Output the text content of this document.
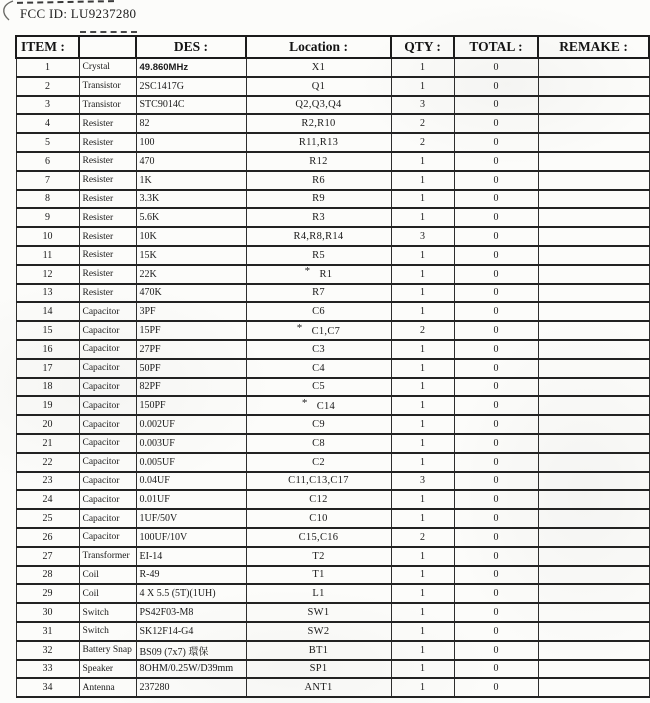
FCC ID: LU9237280
ITEM :		DES :	Location :	QTY :	TOTAL :	REMAKE :
1	Crystal	49.860MHz	X1	1	0	
2	Transistor	2SC1417G	Q1	1	0	
3	Transistor	STC9014C	Q2,Q3,Q4	3	0	
4	Resister	82	R2,R10	2	0	
5	Resister	100	R11,R13	2	0	
6	Resister	470	R12	1	0	
7	Resister	1K	R6	1	0	
8	Resister	3.3K	R9	1	0	
9	Resister	5.6K	R3	1	0	
10	Resister	10K	R4,R8,R14	3	0	
11	Resister	15K	R5	1	0	
12	Resister	22K	* R1	1	0	
13	Resister	470K	R7	1	0	
14	Capacitor	3PF	C6	1	0	
15	Capacitor	15PF	* C1,C7	2	0	
16	Capacitor	27PF	C3	1	0	
17	Capacitor	50PF	C4	1	0	
18	Capacitor	82PF	C5	1	0	
19	Capacitor	150PF	* C14	1	0	
20	Capacitor	0.002UF	C9	1	0	
21	Capacitor	0.003UF	C8	1	0	
22	Capacitor	0.005UF	C2	1	0	
23	Capacitor	0.04UF	C11,C13,C17	3	0	
24	Capacitor	0.01UF	C12	1	0	
25	Capacitor	1UF/50V	C10	1	0	
26	Capacitor	100UF/10V	C15,C16	2	0	
27	Transformer	EI-14	T2	1	0	
28	Coil	R-49	T1	1	0	
29	Coil	4 X 5.5 (5T)(1UH)	L1	1	0	
30	Switch	PS42F03-M8	SW1	1	0	
31	Switch	SK12F14-G4	SW2	1	0	
32	Battery Snap	BS09 (7x7) 環保	BT1	1	0	
33	Speaker	8OHM/0.25W/D39mm	SP1	1	0	
34	Antenna	237280	ANT1	1	0	
